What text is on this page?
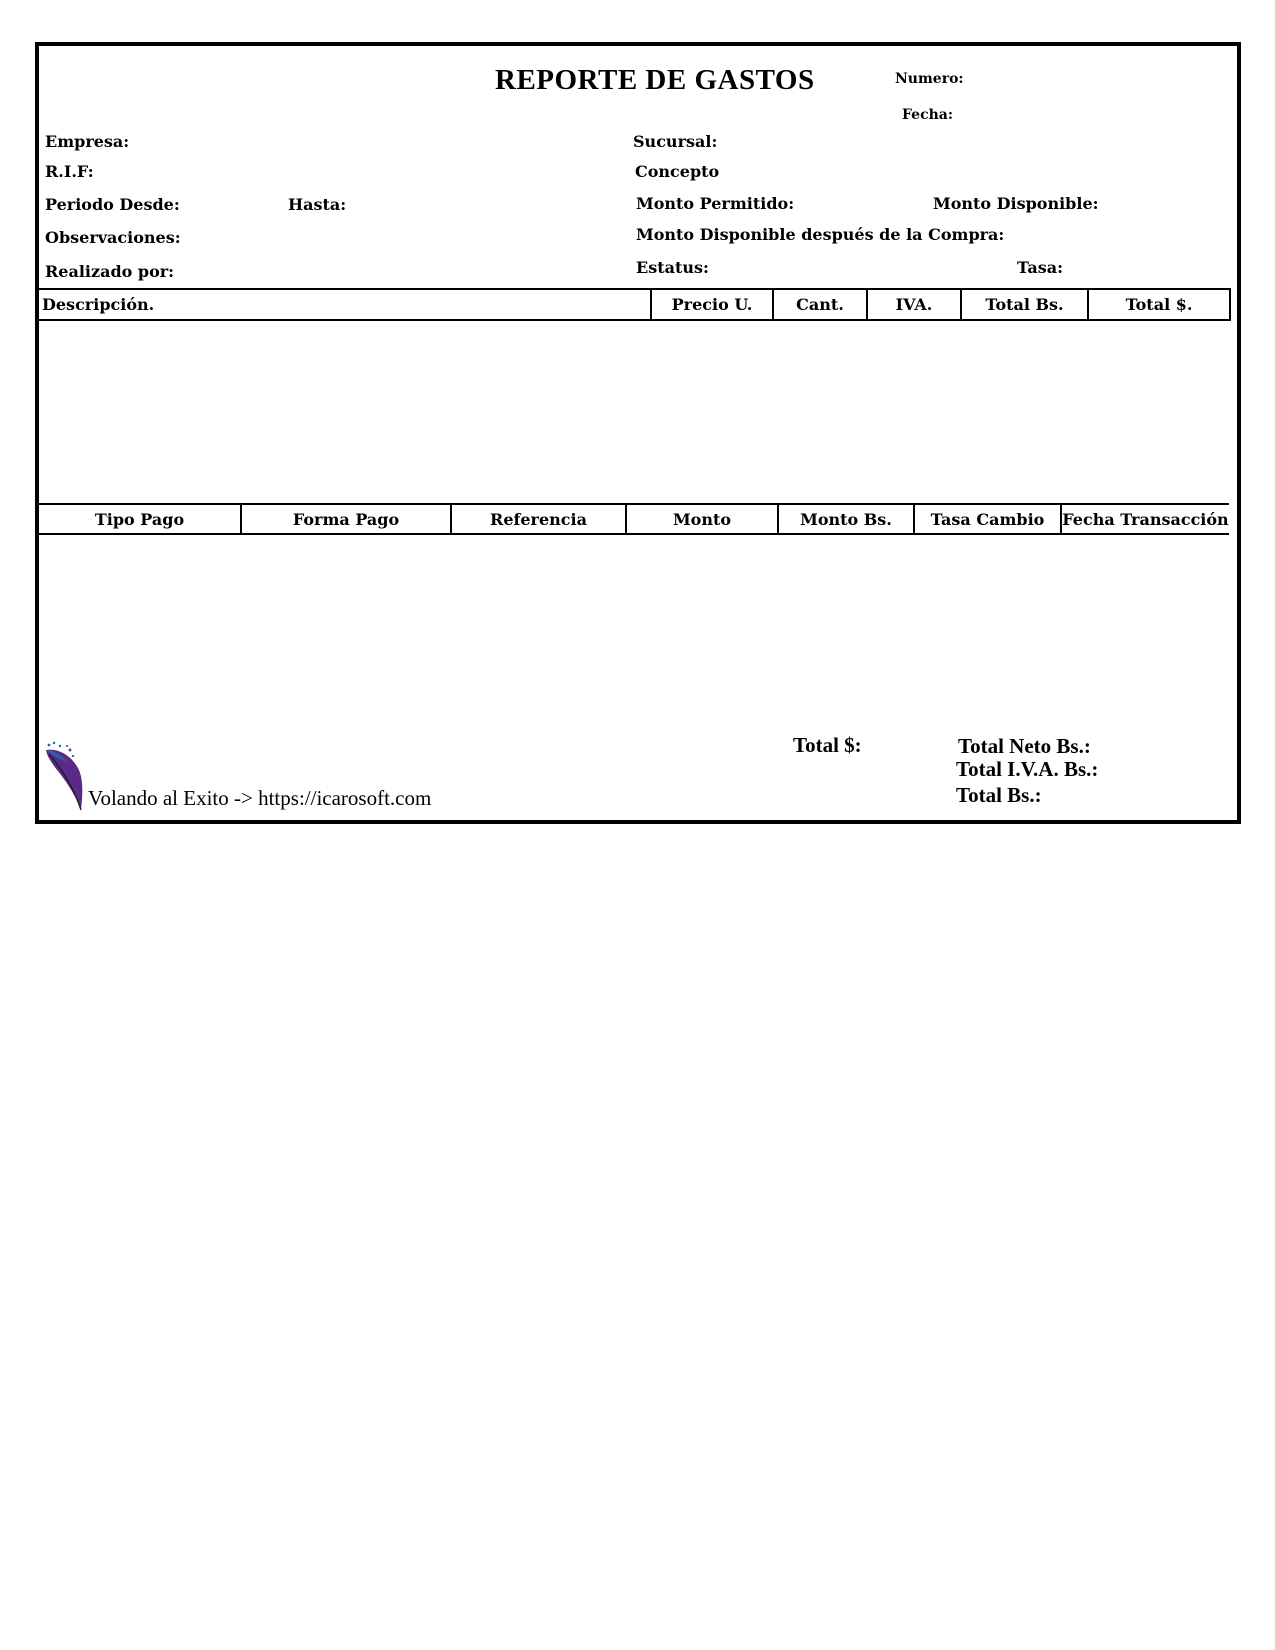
REPORTE DE GASTOS	Numero:
Fecha:
Empresa:	Sucursal:
R.I.F:	Concepto
Periodo Desde:	Hasta:	Monto Permitido:	Monto Disponible:
Observaciones:	Monto Disponible después de la Compra:
Realizado por:	Estatus:	Tasa:
Descripción.	Precio U.	Cant.	IVA.	Total Bs.	Total $.
Tipo Pago	Forma Pago	Referencia	Monto	Monto Bs.	Tasa Cambio	Fecha Transacción
Total $:	Total Neto Bs.:
Total I.V.A. Bs.:
Total Bs.:
Volando al Exito -> https://icarosoft.com
